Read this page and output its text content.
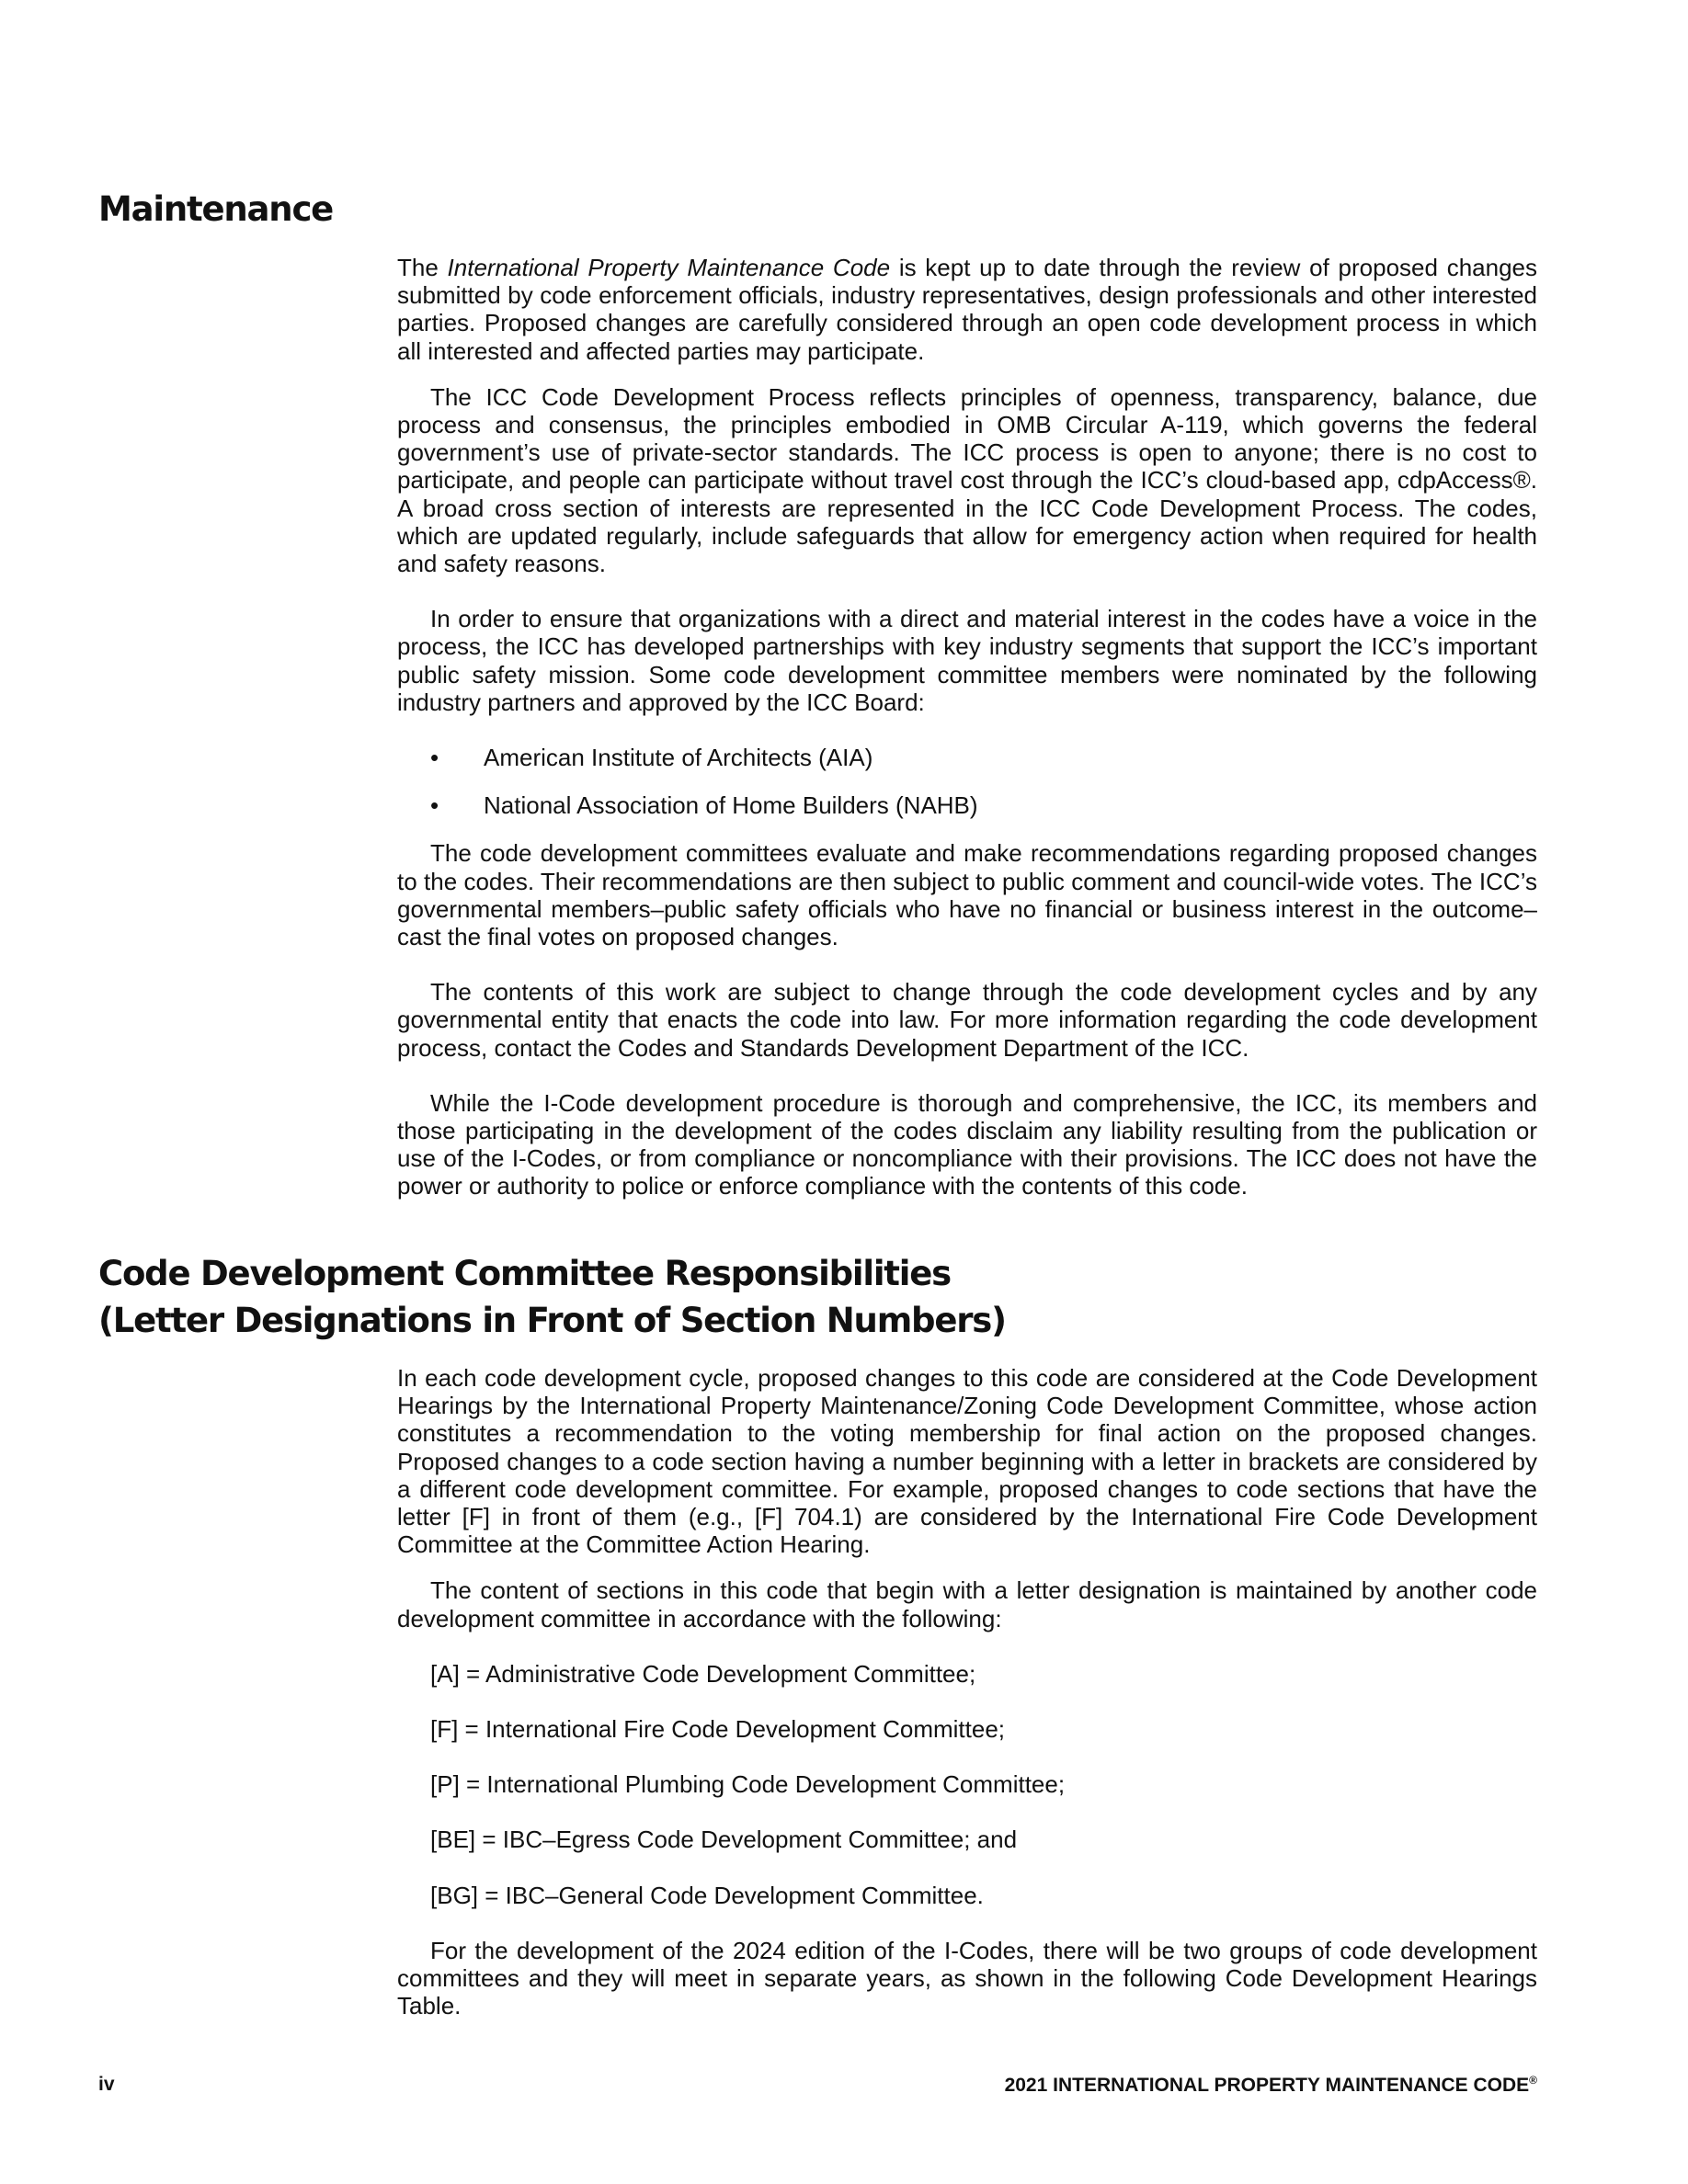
Maintenance

The International Property Maintenance Code is kept up to date through the review of proposed changes submitted by code enforcement officials, industry representatives, design professionals and other interested parties. Proposed changes are carefully considered through an open code development process in which all interested and affected parties may participate.

The ICC Code Development Process reflects principles of openness, transparency, balance, due process and consensus, the principles embodied in OMB Circular A-119, which governs the federal government’s use of private-sector standards. The ICC process is open to anyone; there is no cost to participate, and people can participate without travel cost through the ICC’s cloud-based app, cdpAccess®. A broad cross section of interests are represented in the ICC Code Development Process. The codes, which are updated regularly, include safeguards that allow for emergency action when required for health and safety reasons.

In order to ensure that organizations with a direct and material interest in the codes have a voice in the process, the ICC has developed partnerships with key industry segments that support the ICC’s important public safety mission. Some code development committee members were nominated by the following industry partners and approved by the ICC Board:

• American Institute of Architects (AIA)
• National Association of Home Builders (NAHB)

The code development committees evaluate and make recommendations regarding proposed changes to the codes. Their recommendations are then subject to public comment and council-wide votes. The ICC’s governmental members–public safety officials who have no financial or business interest in the outcome–cast the final votes on proposed changes.

The contents of this work are subject to change through the code development cycles and by any governmental entity that enacts the code into law. For more information regarding the code development process, contact the Codes and Standards Development Department of the ICC.

While the I-Code development procedure is thorough and comprehensive, the ICC, its members and those participating in the development of the codes disclaim any liability resulting from the publication or use of the I-Codes, or from compliance or noncompliance with their provisions. The ICC does not have the power or authority to police or enforce compliance with the contents of this code.

Code Development Committee Responsibilities
(Letter Designations in Front of Section Numbers)

In each code development cycle, proposed changes to this code are considered at the Code Development Hearings by the International Property Maintenance/Zoning Code Development Committee, whose action constitutes a recommendation to the voting membership for final action on the proposed changes. Proposed changes to a code section having a number beginning with a letter in brackets are considered by a different code development committee. For example, proposed changes to code sections that have the letter [F] in front of them (e.g., [F] 704.1) are considered by the International Fire Code Development Committee at the Committee Action Hearing.

The content of sections in this code that begin with a letter designation is maintained by another code development committee in accordance with the following:

[A] = Administrative Code Development Committee;
[F] = International Fire Code Development Committee;
[P] = International Plumbing Code Development Committee;
[BE] = IBC–Egress Code Development Committee; and
[BG] = IBC–General Code Development Committee.

For the development of the 2024 edition of the I-Codes, there will be two groups of code development committees and they will meet in separate years, as shown in the following Code Development Hearings Table.

iv	2021 INTERNATIONAL PROPERTY MAINTENANCE CODE®
